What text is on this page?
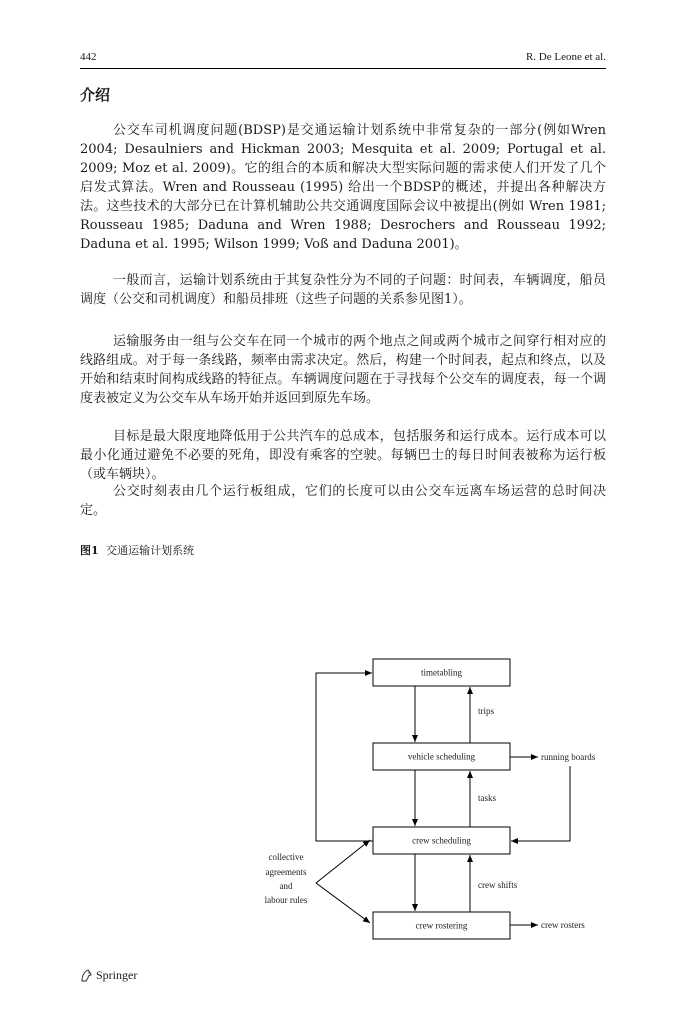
442	R. De Leone et al.
介绍

公交车司机调度问题(BDSP)是交通运输计划系统中非常复杂的一部分(例如Wren 2004; Desaulniers and Hickman 2003; Mesquita et al. 2009; Portugal et al. 2009; Moz et al. 2009)。它的组合的本质和解决大型实际问题的需求使人们开发了几个启发式算法。Wren and Rousseau (1995) 给出一个BDSP的概述，并提出各种解决方法。这些技术的大部分已在计算机辅助公共交通调度国际会议中被提出(例如 Wren 1981; Rousseau 1985; Daduna and Wren 1988; Desrochers and Rousseau 1992; Daduna et al. 1995; Wilson 1999; Voß and Daduna 2001)。

一般而言，运输计划系统由于其复杂性分为不同的子问题：时间表，车辆调度，船员调度（公交和司机调度）和船员排班（这些子问题的关系参见图1）。

运输服务由一组与公交车在同一个城市的两个地点之间或两个城市之间穿行相对应的线路组成。对于每一条线路，频率由需求决定。然后，构建一个时间表，起点和终点，以及开始和结束时间构成线路的特征点。车辆调度问题在于寻找每个公交车的调度表，每一个调度表被定义为公交车从车场开始并返回到原先车场。

目标是最大限度地降低用于公共汽车的总成本，包括服务和运行成本。运行成本可以最小化通过避免不必要的死角，即没有乘客的空驶。每辆巴士的每日时间表被称为运行板（或车辆块）。

公交时刻表由几个运行板组成，它们的长度可以由公交车远离车场运营的总时间决定。

图1 交通运输计划系统
timetabling
vehicle scheduling
crew scheduling
crew rostering
trips
tasks
crew shifts
running boards
crew rosters
collective
agreements
and
labour rules
Springer
